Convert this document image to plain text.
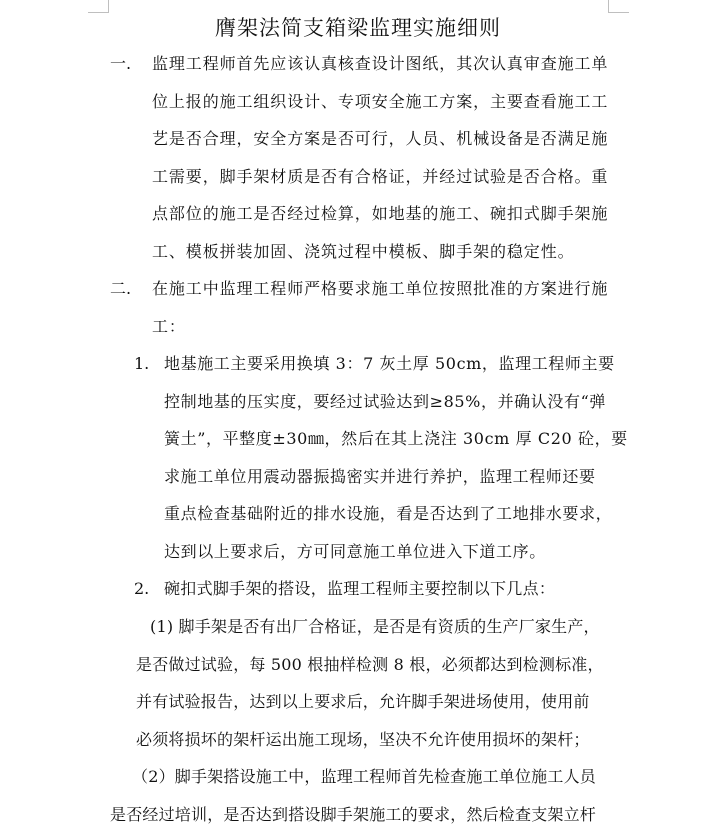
膺架法简支箱梁监理实施细则
一. 监理工程师首先应该认真核查设计图纸，其次认真审查施工单
位上报的施工组织设计、专项安全施工方案，主要查看施工工
艺是否合理，安全方案是否可行，人员、机械设备是否满足施
工需要，脚手架材质是否有合格证，并经过试验是否合格。重
点部位的施工是否经过检算，如地基的施工、碗扣式脚手架施
工、模板拼装加固、浇筑过程中模板、脚手架的稳定性。
二. 在施工中监理工程师严格要求施工单位按照批准的方案进行施
工：
1. 地基施工主要采用换填 3：7 灰土厚 50cm，监理工程师主要
控制地基的压实度，要经过试验达到≥85%，并确认没有“弹
簧土”，平整度±30㎜，然后在其上浇注 30cm 厚 C20 砼，要
求施工单位用震动器振捣密实并进行养护，监理工程师还要
重点检查基础附近的排水设施，看是否达到了工地排水要求，
达到以上要求后，方可同意施工单位进入下道工序。
2. 碗扣式脚手架的搭设，监理工程师主要控制以下几点：
(1) 脚手架是否有出厂合格证，是否是有资质的生产厂家生产，
是否做过试验，每 500 根抽样检测 8 根，必须都达到检测标准，
并有试验报告，达到以上要求后，允许脚手架进场使用，使用前
必须将损坏的架杆运出施工现场，坚决不允许使用损坏的架杆；
（2）脚手架搭设施工中，监理工程师首先检查施工单位施工人员
是否经过培训，是否达到搭设脚手架施工的要求，然后检查支架立杆
